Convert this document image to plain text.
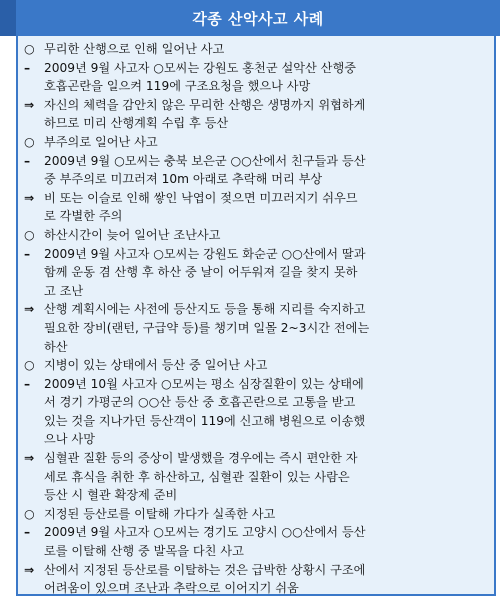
각종 산악사고 사례
○ 무리한 산행으로 인해 일어난 사고
– 2009년 9월 사고자 ○모씨는 강원도 홍천군 설악산 산행중
호흡곤란을 일으켜 119에 구조요청을 했으나 사망
⇒ 자신의 체력을 감안치 않은 무리한 산행은 생명까지 위협하게
하므로 미리 산행계획 수립 후 등산
○ 부주의로 일어난 사고
– 2009년 9월 ○모씨는 충북 보은군 ○○산에서 친구들과 등산
중 부주의로 미끄러져 10m 아래로 추락해 머리 부상
⇒ 비 또는 이슬로 인해 쌓인 낙엽이 젖으면 미끄러지기 쉬우므
로 각별한 주의
○ 하산시간이 늦어 일어난 조난사고
– 2009년 9월 사고자 ○모씨는 강원도 화순군 ○○산에서 딸과
함께 운동 겸 산행 후 하산 중 날이 어두워져 길을 찾지 못하
고 조난
⇒ 산행 계획시에는 사전에 등산지도 등을 통해 지리를 숙지하고
필요한 장비(랜턴, 구급약 등)를 챙기며 일몰 2~3시간 전에는
하산
○ 지병이 있는 상태에서 등산 중 일어난 사고
– 2009년 10월 사고자 ○모씨는 평소 심장질환이 있는 상태에
서 경기 가평군의 ○○산 등산 중 호흡곤란으로 고통을 받고
있는 것을 지나가던 등산객이 119에 신고해 병원으로 이송했
으나 사망
⇒ 심혈관 질환 등의 증상이 발생했을 경우에는 즉시 편안한 자
세로 휴식을 취한 후 하산하고, 심혈관 질환이 있는 사람은
등산 시 혈관 확장제 준비
○ 지정된 등산로를 이탈해 가다가 실족한 사고
– 2009년 9월 사고자 ○모씨는 경기도 고양시 ○○산에서 등산
로를 이탈해 산행 중 발목을 다친 사고
⇒ 산에서 지정된 등산로를 이탈하는 것은 급박한 상황시 구조에
어려움이 있으며 조난과 추락으로 이어지기 쉬움
